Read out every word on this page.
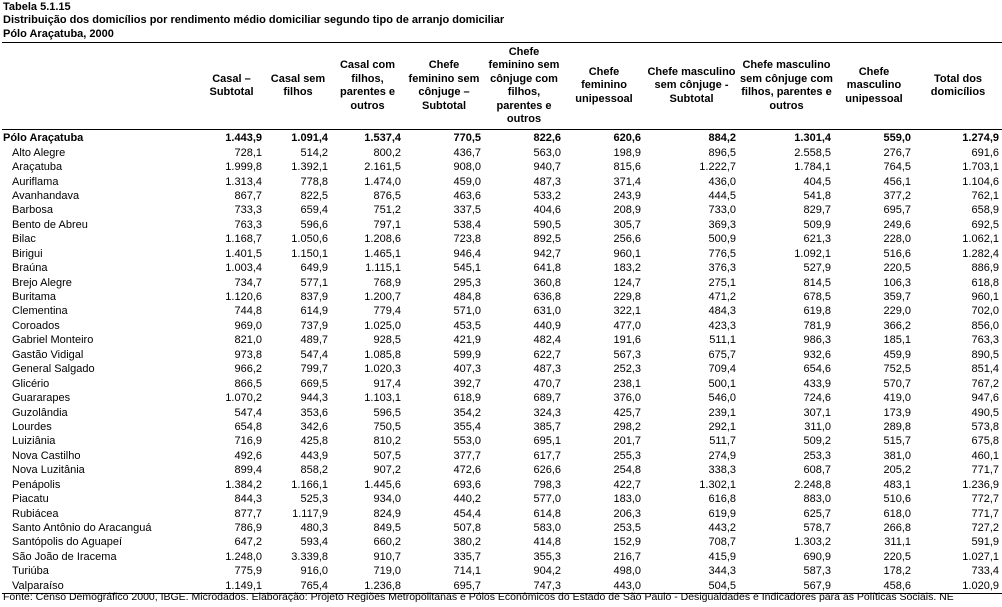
Tabela 5.1.15
Distribuição dos domicílios por rendimento médio domiciliar segundo tipo de arranjo domiciliar
Pólo Araçatuba, 2000
	Casal – Subtotal	Casal sem filhos	Casal com filhos, parentes e outros	Chefe feminino sem cônjuge – Subtotal	Chefe feminino sem cônjuge com filhos, parentes e outros	Chefe feminino unipessoal	Chefe masculino sem cônjuge - Subtotal	Chefe masculino sem cônjuge com filhos, parentes e outros	Chefe masculino unipessoal	Total dos domicílios
Pólo Araçatuba	1.443,9	1.091,4	1.537,4	770,5	822,6	620,6	884,2	1.301,4	559,0	1.274,9
Alto Alegre	728,1	514,2	800,2	436,7	563,0	198,9	896,5	2.558,5	276,7	691,6
Araçatuba	1.999,8	1.392,1	2.161,5	908,0	940,7	815,6	1.222,7	1.784,1	764,5	1.703,1
Auriflama	1.313,4	778,8	1.474,0	459,0	487,3	371,4	436,0	404,5	456,1	1.104,6
Avanhandava	867,7	822,5	876,5	463,6	533,2	243,9	444,5	541,8	377,2	762,1
Barbosa	733,3	659,4	751,2	337,5	404,6	208,9	733,0	829,7	695,7	658,9
Bento de Abreu	763,3	596,6	797,1	538,4	590,5	305,7	369,3	509,9	249,6	692,5
Bilac	1.168,7	1.050,6	1.208,6	723,8	892,5	256,6	500,9	621,3	228,0	1.062,1
Birigui	1.401,5	1.150,1	1.465,1	946,4	942,7	960,1	776,5	1.092,1	516,6	1.282,4
Braúna	1.003,4	649,9	1.115,1	545,1	641,8	183,2	376,3	527,9	220,5	886,9
Brejo Alegre	734,7	577,1	768,9	295,3	360,8	124,7	275,1	814,5	106,3	618,8
Buritama	1.120,6	837,9	1.200,7	484,8	636,8	229,8	471,2	678,5	359,7	960,1
Clementina	744,8	614,9	779,4	571,0	631,0	322,1	484,3	619,8	229,0	702,0
Coroados	969,0	737,9	1.025,0	453,5	440,9	477,0	423,3	781,9	366,2	856,0
Gabriel Monteiro	821,0	489,7	928,5	421,9	482,4	191,6	511,1	986,3	185,1	763,3
Gastão Vidigal	973,8	547,4	1.085,8	599,9	622,7	567,3	675,7	932,6	459,9	890,5
General Salgado	966,2	799,7	1.020,3	407,3	487,3	252,3	709,4	654,6	752,5	851,4
Glicério	866,5	669,5	917,4	392,7	470,7	238,1	500,1	433,9	570,7	767,2
Guararapes	1.070,2	944,3	1.103,1	618,9	689,7	376,0	546,0	724,6	419,0	947,6
Guzolândia	547,4	353,6	596,5	354,2	324,3	425,7	239,1	307,1	173,9	490,5
Lourdes	654,8	342,6	750,5	355,4	385,7	298,2	292,1	311,0	289,8	573,8
Luiziânia	716,9	425,8	810,2	553,0	695,1	201,7	511,7	509,2	515,7	675,8
Nova Castilho	492,6	443,9	507,5	377,7	617,7	255,3	274,9	253,3	381,0	460,1
Nova Luzitânia	899,4	858,2	907,2	472,6	626,6	254,8	338,3	608,7	205,2	771,7
Penápolis	1.384,2	1.166,1	1.445,6	693,6	798,3	422,7	1.302,1	2.248,8	483,1	1.236,9
Piacatu	844,3	525,3	934,0	440,2	577,0	183,0	616,8	883,0	510,6	772,7
Rubiácea	877,7	1.117,9	824,9	454,4	614,8	206,3	619,9	625,7	618,0	771,7
Santo Antônio do Aracanguá	786,9	480,3	849,5	507,8	583,0	253,5	443,2	578,7	266,8	727,2
Santópolis do Aguapeí	647,2	593,4	660,2	380,2	414,8	152,9	708,7	1.303,2	311,1	591,9
São João de Iracema	1.248,0	3.339,8	910,7	335,7	355,3	216,7	415,9	690,9	220,5	1.027,1
Turiúba	775,9	916,0	719,0	714,1	904,2	498,0	344,3	587,3	178,2	733,4
Valparaíso	1.149,1	765,4	1.236,8	695,7	747,3	443,0	504,5	567,9	458,6	1.020,9
Fonte: Censo Demográfico 2000, IBGE. Microdados. Elaboração: Projeto Regiões Metropolitanas e Pólos Econômicos do Estado de São Paulo - Desigualdades e Indicadores para as Políticas Sociais. NE
